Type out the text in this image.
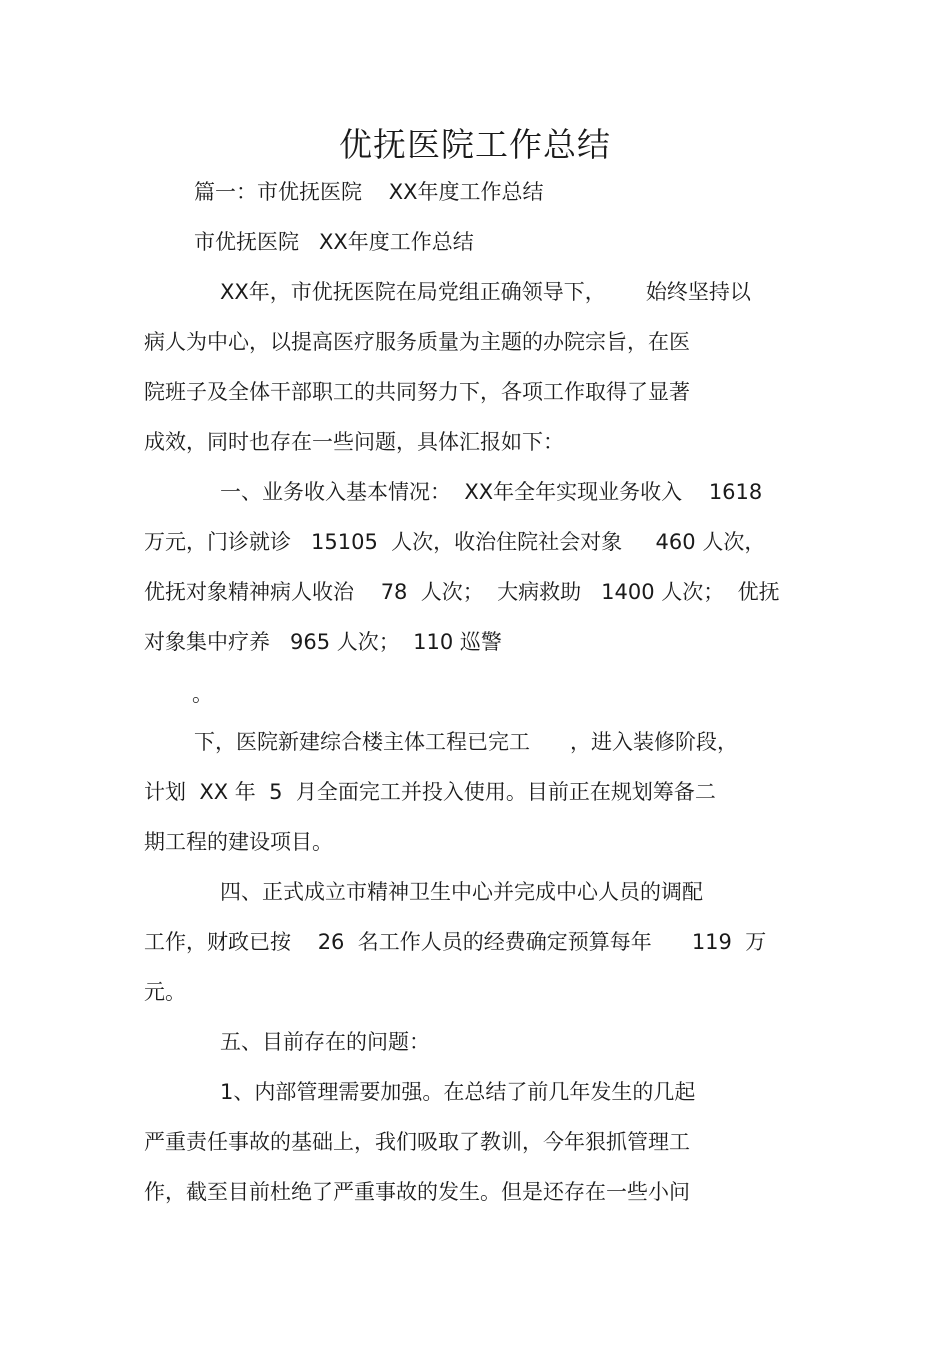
优抚医院工作总结

篇一：市优抚医院    XX年度工作总结

市优抚医院   XX年度工作总结

XX年，市优抚医院在局党组正确领导下，      始终坚持以

病人为中心，以提高医疗服务质量为主题的办院宗旨，在医

院班子及全体干部职工的共同努力下，各项工作取得了显著

成效，同时也存在一些问题，具体汇报如下：

一、业务收入基本情况：  XX年全年实现业务收入    1618

万元，门诊就诊   15105  人次，收治住院社会对象     460 人次，

优抚对象精神病人收治    78  人次；  大病救助   1400 人次；  优抚

对象集中疗养   965 人次；  110 巡警

。

下，医院新建综合楼主体工程已完工      ，进入装修阶段，

计划  XX 年  5  月全面完工并投入使用。目前正在规划筹备二

期工程的建设项目。

四、正式成立市精神卫生中心并完成中心人员的调配

工作，财政已按    26  名工作人员的经费确定预算每年      119  万

元。

五、目前存在的问题：

1、内部管理需要加强。在总结了前几年发生的几起

严重责任事故的基础上，我们吸取了教训，今年狠抓管理工

作，截至目前杜绝了严重事故的发生。但是还存在一些小问
